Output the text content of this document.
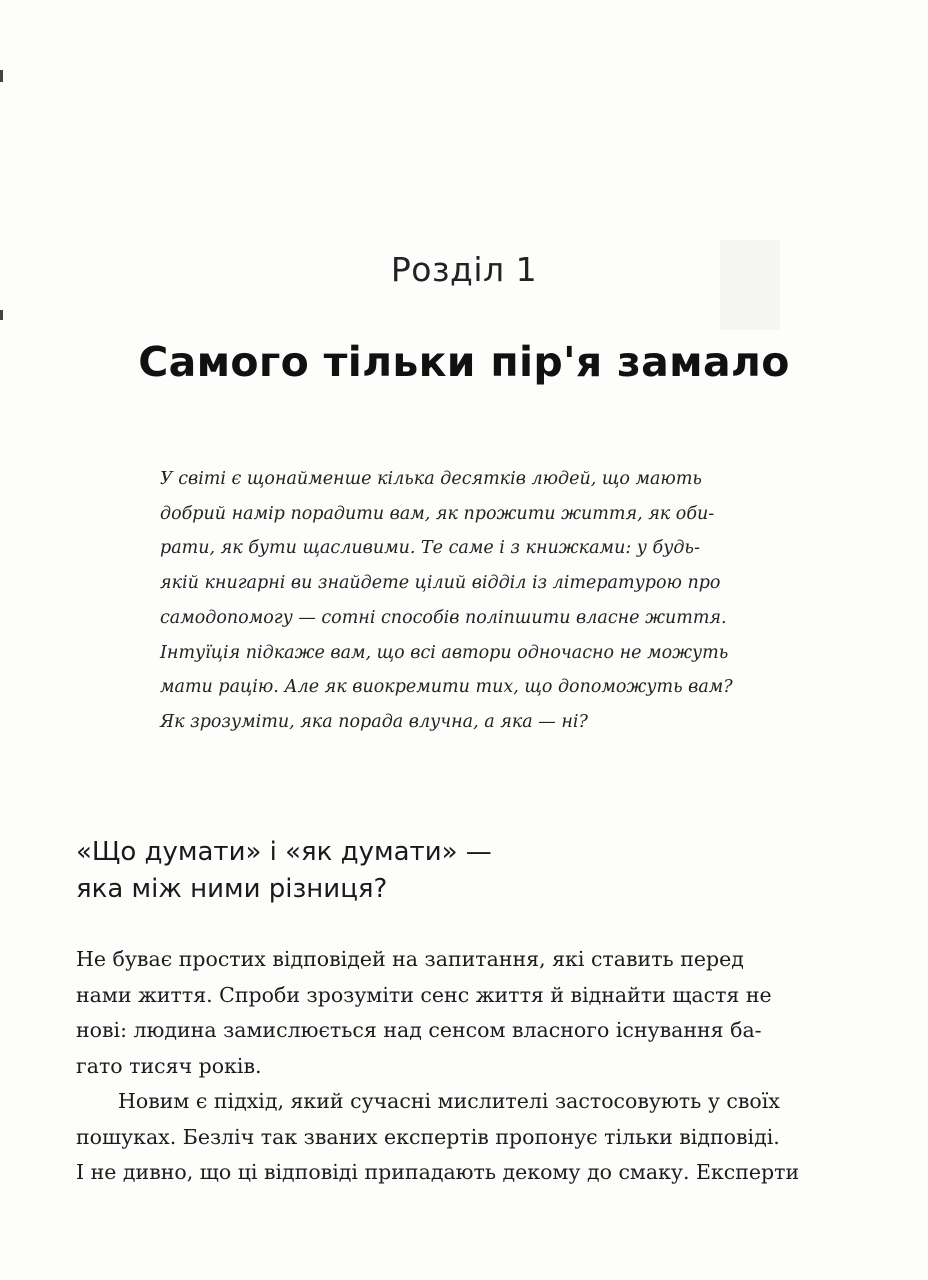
Розділ 1
Самого тільки пір'я замало
У світі є щонайменше кілька десятків людей, що мають
добрий намір порадити вам, як прожити життя, як оби-
рати, як бути щасливими. Те саме і з книжками: у будь-
якій книгарні ви знайдете цілий відділ із літературою про
самодопомогу — сотні способів поліпшити власне життя.
Інтуїція підкаже вам, що всі автори одночасно не можуть
мати рацію. Але як виокремити тих, що допоможуть вам?
Як зрозуміти, яка порада влучна, а яка — ні?
«Що думати» і «як думати» —
яка між ними різниця?
Не буває простих відповідей на запитання, які ставить перед
нами життя. Спроби зрозуміти сенс життя й віднайти щастя не
нові: людина замислюється над сенсом власного існування ба-
гато тисяч років.
Новим є підхід, який сучасні мислителі застосовують у своїх
пошуках. Безліч так званих експертів пропонує тільки відповіді.
І не дивно, що ці відповіді припадають декому до смаку. Експерти
